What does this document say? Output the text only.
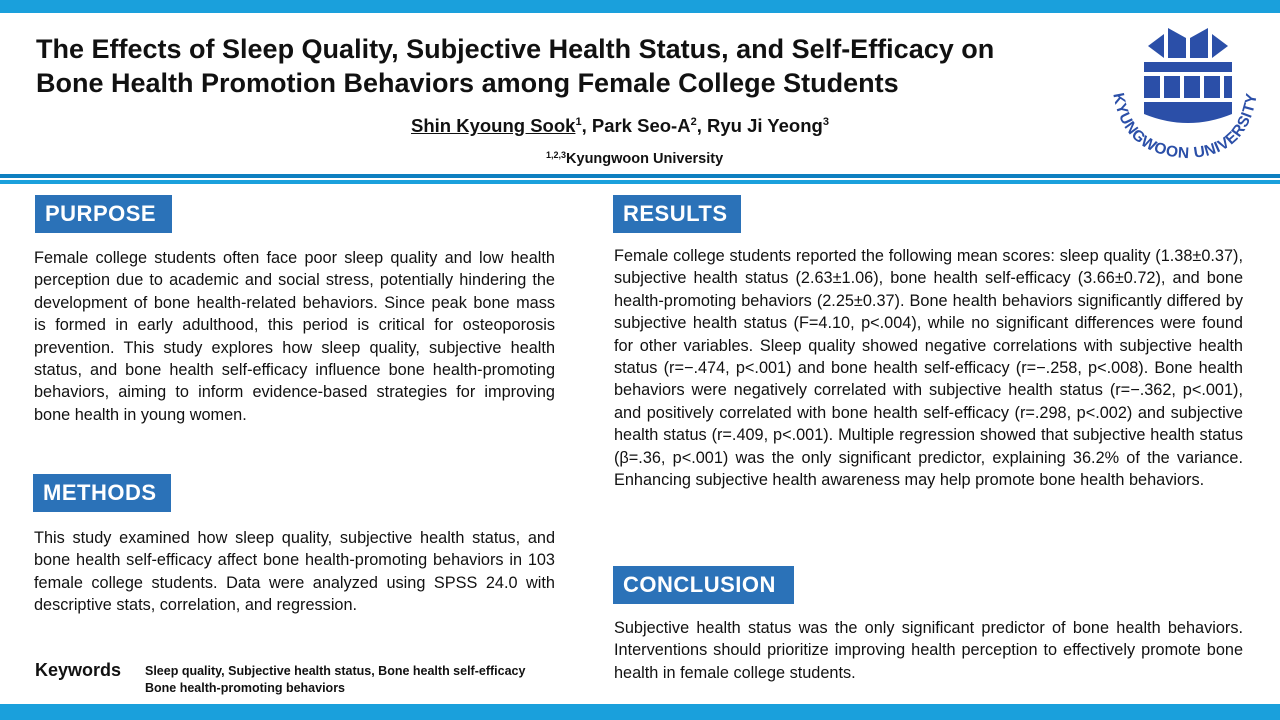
The Effects of Sleep Quality, Subjective Health Status, and Self-Efficacy on
Bone Health Promotion Behaviors among Female College Students
Shin Kyoung Sook$^1$, Park Seo-$A^2$, Ryu Ji Yeong$^3$
$^{1,2,3}$Kyungwoon University
KYUNGWOON UNIVERSITY
PURPOSE
Female college students often face poor sleep quality and low health perception due to academic and social stress, potentially hindering the development of bone health-related behaviors. Since peak bone mass is formed in early adulthood, this period is critical for osteoporosis prevention. This study explores how sleep quality, subjective health status, and bone health self-efficacy influence bone health-promoting behaviors, aiming to inform evidence-based strategies for improving bone health in young women.
METHODS
This study examined how sleep quality, subjective health status, and bone health self-efficacy affect bone health-promoting behaviors in 103 female college students. Data were analyzed using SPSS 24.0 with descriptive stats, correlation, and regression.
Keywords Sleep quality, Subjective health status, Bone health self-efficacy
Bone health-promoting behaviors
RESULTS
Female college students reported the following mean scores: sleep quality (1.38±0.37), subjective health status (2.63±1.06), bone health self-efficacy (3.66±0.72), and bone health-promoting behaviors (2.25±0.37). Bone health behaviors significantly differed by subjective health status (F=4.10, p<.004), while no significant differences were found for other variables. Sleep quality showed negative correlations with subjective health status (r=−.474, p<.001) and bone health self-efficacy (r=−.258, p<.008). Bone health behaviors were negatively correlated with subjective health status (r=−.362, p<.001), and positively correlated with bone health self-efficacy (r=.298, p<.002) and subjective health status (r=.409, p<.001). Multiple regression showed that subjective health status (β=.36, p<.001) was the only significant predictor, explaining 36.2% of the variance. Enhancing subjective health awareness may help promote bone health behaviors.
CONCLUSION
Subjective health status was the only significant predictor of bone health behaviors. Interventions should prioritize improving health perception to effectively promote bone health in female college students.
